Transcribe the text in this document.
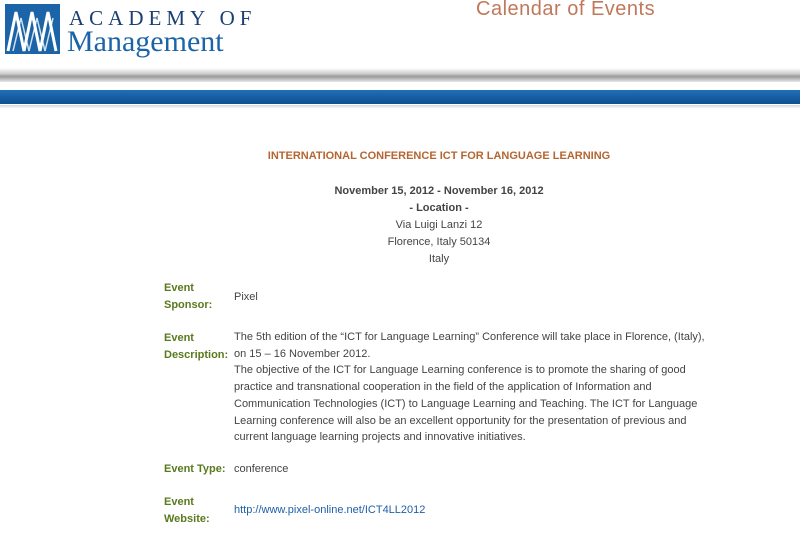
ACADEMY OF
Management
Calendar of Events
INTERNATIONAL CONFERENCE ICT FOR LANGUAGE LEARNING
November 15, 2012 - November 16, 2012
- Location -
Via Luigi Lanzi 12
Florence, Italy 50134
Italy
Event
Sponsor:
Pixel
Event
Description:
The 5th edition of the “ICT for Language Learning” Conference will take place in Florence, (Italy),
on 15 – 16 November 2012.
The objective of the ICT for Language Learning conference is to promote the sharing of good
practice and transnational cooperation in the field of the application of Information and
Communication Technologies (ICT) to Language Learning and Teaching. The ICT for Language
Learning conference will also be an excellent opportunity for the presentation of previous and
current language learning projects and innovative initiatives.
Event Type: conference
Event
Website:
http://www.pixel-online.net/ICT4LL2012
